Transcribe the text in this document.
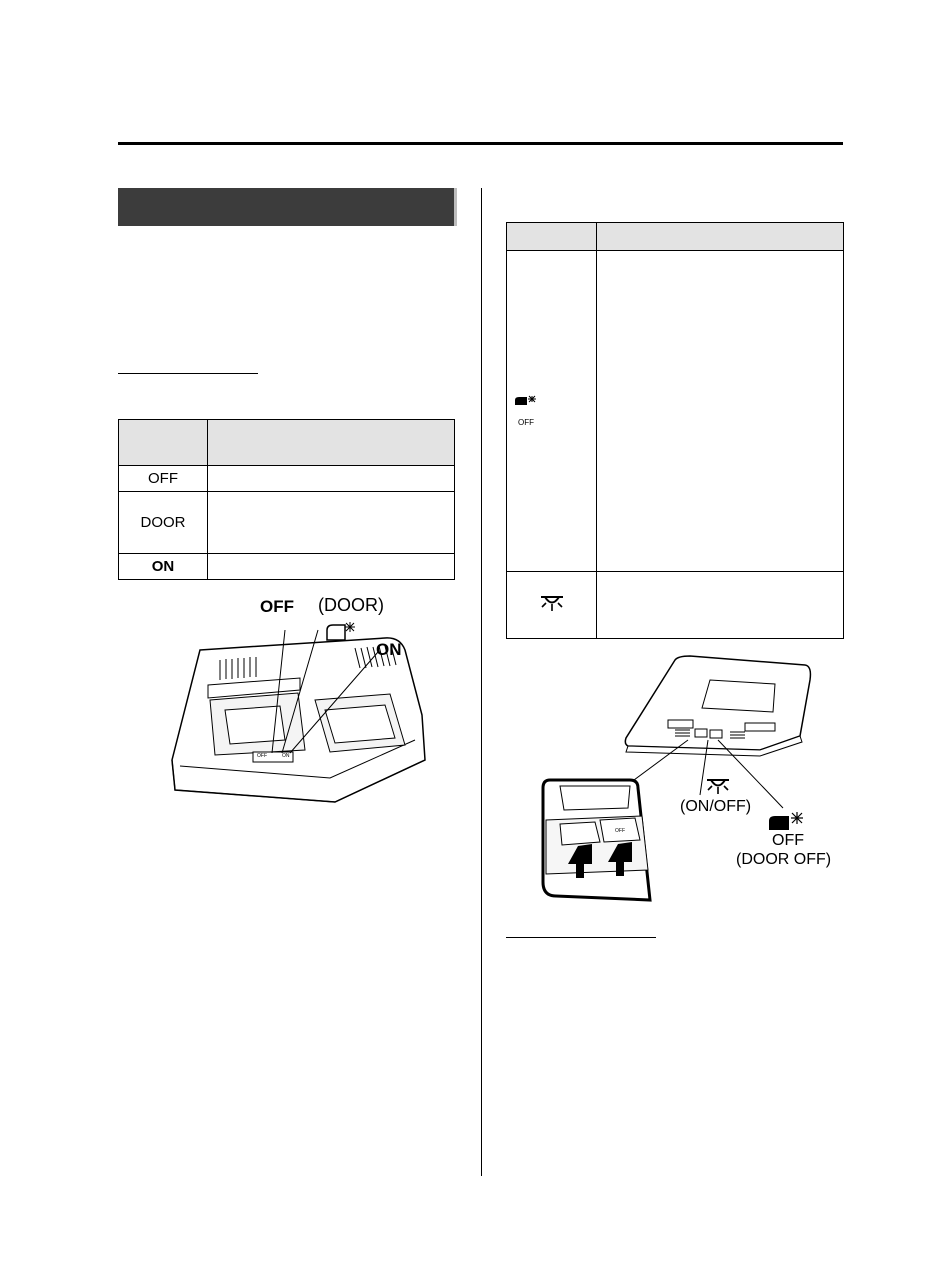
OFF	
DOOR	
ON	

OFF	

OFF (DOOR)
ON
OFF	ON
(ON/OFF)
OFF
(DOOR OFF)
OFF
